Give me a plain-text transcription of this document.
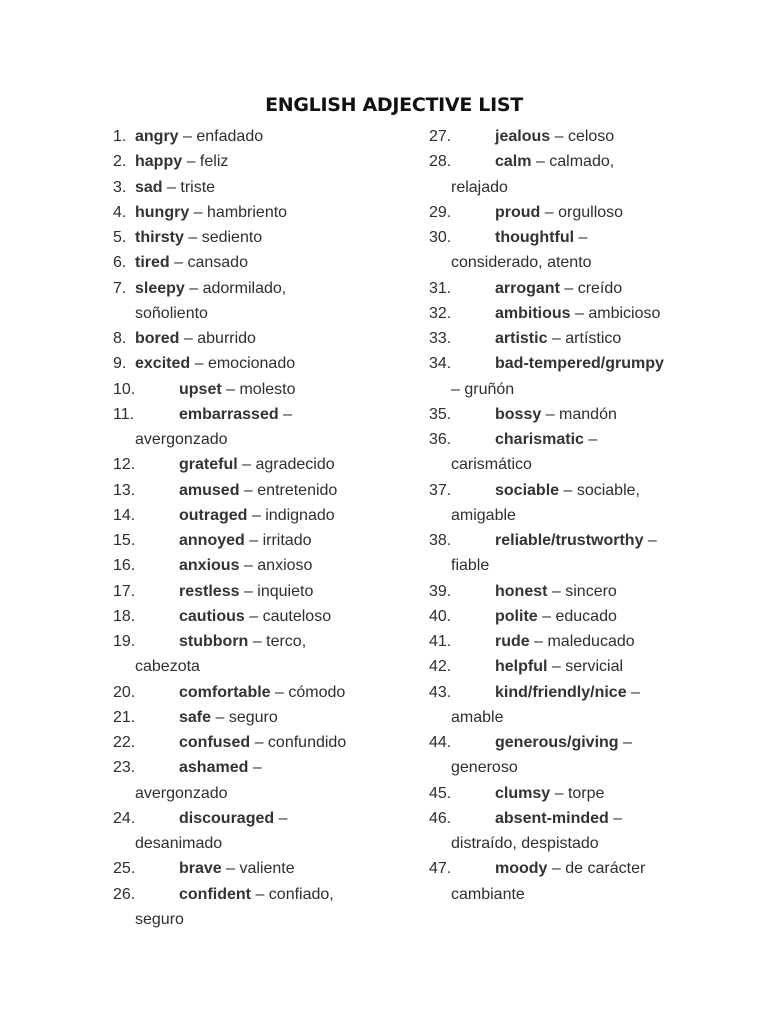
ENGLISH ADJECTIVE LIST
1. angry – enfadado
2. happy – feliz
3. sad – triste
4. hungry – hambriento
5. thirsty – sediento
6. tired – cansado
7. sleepy – adormilado,
soñoliento
8. bored – aburrido
9. excited – emocionado
10.	upset – molesto
11.	embarrassed –
avergonzado
12.	grateful – agradecido
13.	amused – entretenido
14.	outraged – indignado
15.	annoyed – irritado
16.	anxious – anxioso
17.	restless – inquieto
18.	cautious – cauteloso
19.	stubborn – terco,
cabezota
20.	comfortable – cómodo
21.	safe – seguro
22.	confused – confundido
23.	ashamed –
avergonzado
24.	discouraged –
desanimado
25.	brave – valiente
26.	confident – confiado,
seguro
27.	jealous – celoso
28.	calm – calmado,
relajado
29.	proud – orgulloso
30.	thoughtful –
considerado, atento
31.	arrogant – creído
32.	ambitious – ambicioso
33.	artistic – artístico
34.	bad-tempered/grumpy
– gruñón
35.	bossy – mandón
36.	charismatic –
carismático
37.	sociable – sociable,
amigable
38.	reliable/trustworthy –
fiable
39.	honest – sincero
40.	polite – educado
41.	rude – maleducado
42.	helpful – servicial
43.	kind/friendly/nice –
amable
44.	generous/giving –
generoso
45.	clumsy – torpe
46.	absent-minded –
distraído, despistado
47.	moody – de carácter
cambiante
